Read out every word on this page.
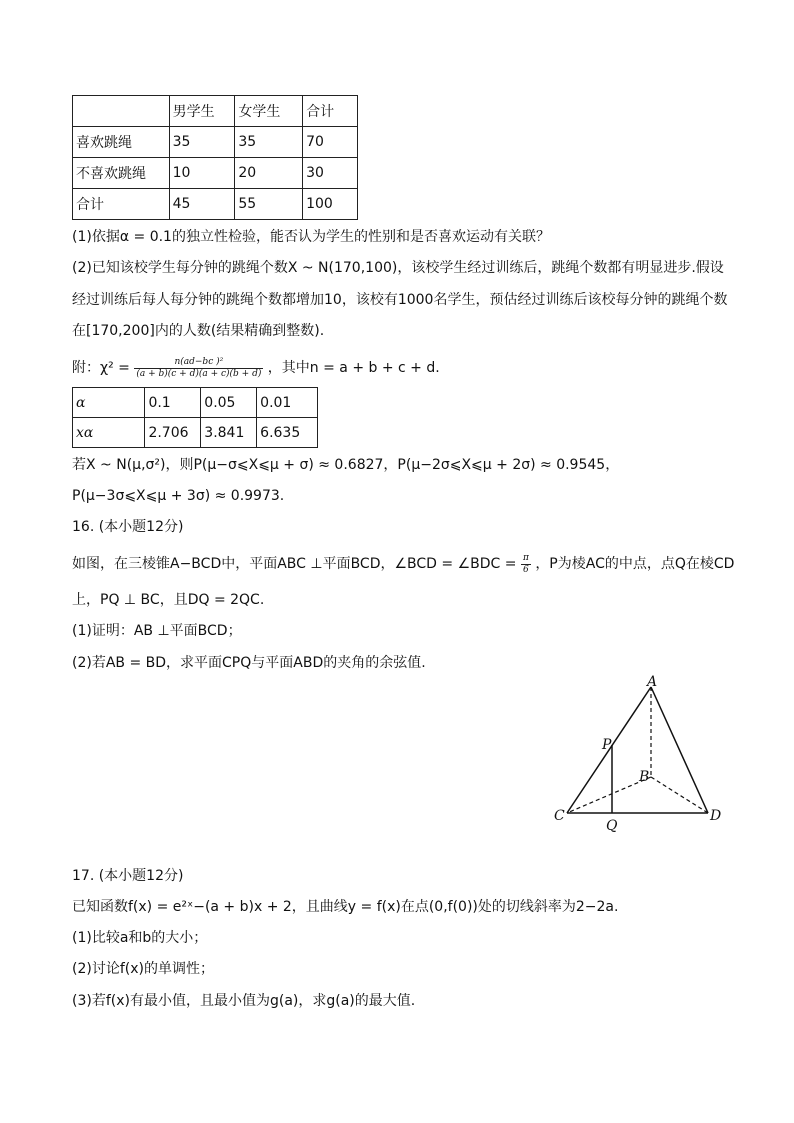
	男学生	女学生	合计
喜欢跳绳	35	35	70
不喜欢跳绳	10	20	30
合计	45	55	100
(1)依据α = 0.1的独立性检验，能否认为学生的性别和是否喜欢运动有关联？
(2)已知该校学生每分钟的跳绳个数X ~ N(170,100)，该校学生经过训练后，跳绳个数都有明显进步.假设
经过训练后每人每分钟的跳绳个数都增加10，该校有1000名学生，预估经过训练后该校每分钟的跳绳个数
在[170,200]内的人数(结果精确到整数).
附：$\chi^2 = \frac{\text{n(ad−bc )²}}{(a + b)(c + d)(a + c)(b + d)}$ ，其中n = a + b + c + d.
α	0.1	0.05	0.01
xα	2.706	3.841	6.635
若X ~ N(μ,σ²)，则P(μ−σ⩽X⩽μ + σ) ≈ 0.6827，P(μ−2σ⩽X⩽μ + 2σ) ≈ 0.9545，
P(μ−3σ⩽X⩽μ + 3σ) ≈ 0.9973.
16. (本小题12分)
如图，在三棱锥A−BCD中，平面ABC ⊥平面BCD，∠BCD = ∠BDC = $\frac{\pi}{6}$ ，P为棱AC的中点，点Q在棱CD
上，PQ ⊥ BC，且DQ = 2QC.
(1)证明：AB ⊥平面BCD；
(2)若AB = BD，求平面CPQ与平面ABD的夹角的余弦值.
A
P
B
C
Q
D
17. (本小题12分)
已知函数f(x) = e²ˣ−(a + b)x + 2，且曲线y = f(x)在点(0,f(0))处的切线斜率为2−2a.
(1)比较a和b的大小；
(2)讨论f(x)的单调性；
(3)若f(x)有最小值，且最小值为g(a)，求g(a)的最大值.
